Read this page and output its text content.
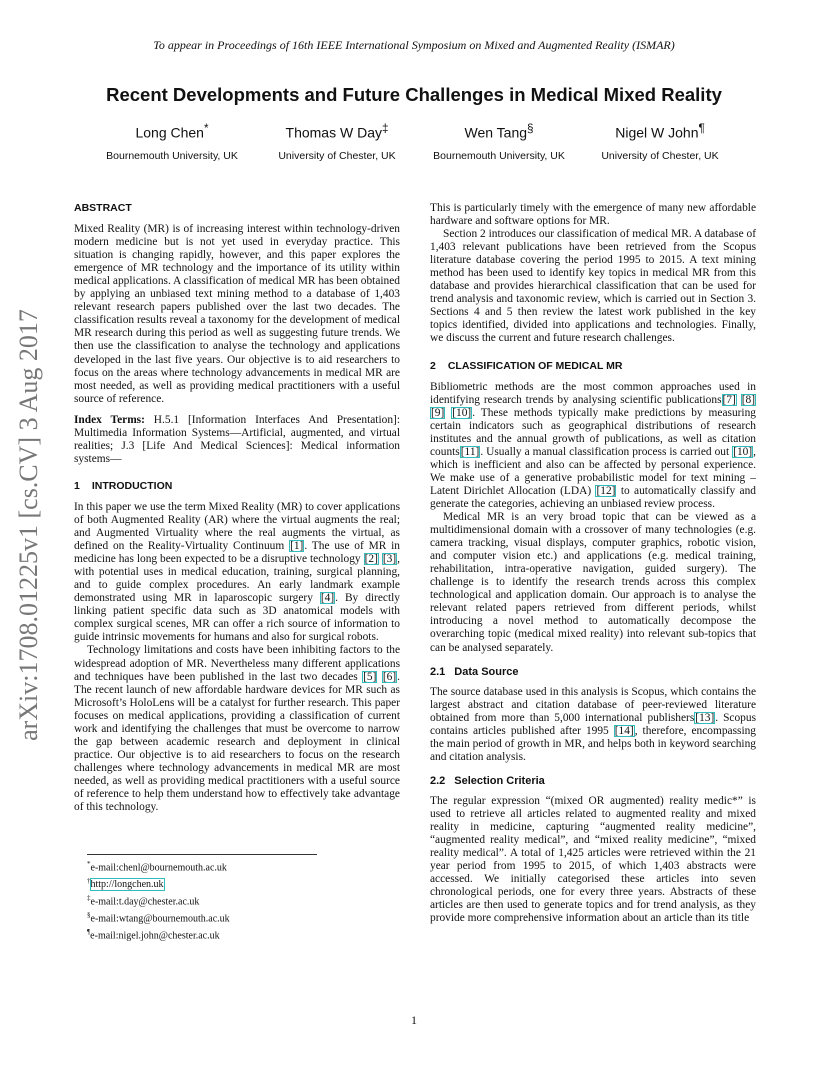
To appear in Proceedings of 16th IEEE International Symposium on Mixed and Augmented Reality (ISMAR)
Recent Developments and Future Challenges in Medical Mixed Reality
Long Chen*
Bournemouth University, UK
Thomas W Day‡
University of Chester, UK
Wen Tang§
Bournemouth University, UK
Nigel W John¶
University of Chester, UK
arXiv:1708.01225v1 [cs.CV] 3 Aug 2017
ABSTRACT

Mixed Reality (MR) is of increasing interest within technology-driven modern medicine but is not yet used in everyday practice. This situation is changing rapidly, however, and this paper explores the emergence of MR technology and the importance of its utility within medical applications. A classification of medical MR has been obtained by applying an unbiased text mining method to a database of 1,403 relevant research papers published over the last two decades. The classification results reveal a taxonomy for the development of medical MR research during this period as well as suggesting future trends. We then use the classification to analyse the technology and applications developed in the last five years. Our objective is to aid researchers to focus on the areas where technology advancements in medical MR are most needed, as well as providing medical practitioners with a useful source of reference.

Index Terms: H.5.1 [Information Interfaces And Presentation]: Multimedia Information Systems—Artificial, augmented, and virtual realities; J.3 [Life And Medical Sciences]: Medical information systems—

1 INTRODUCTION

In this paper we use the term Mixed Reality (MR) to cover applications of both Augmented Reality (AR) where the virtual augments the real; and Augmented Virtuality where the real augments the virtual, as defined on the Reality-Virtuality Continuum [1]. The use of MR in medicine has long been expected to be a disruptive technology [2] [3], with potential uses in medical education, training, surgical planning, and to guide complex procedures. An early landmark example demonstrated using MR in laparoscopic surgery [4]. By directly linking patient specific data such as 3D anatomical models with complex surgical scenes, MR can offer a rich source of information to guide intrinsic movements for humans and also for surgical robots.

Technology limitations and costs have been inhibiting factors to the widespread adoption of MR. Nevertheless many different applications and techniques have been published in the last two decades [5] [6]. The recent launch of new affordable hardware devices for MR such as Microsoft’s HoloLens will be a catalyst for further research. This paper focuses on medical applications, providing a classification of current work and identifying the challenges that must be overcome to narrow the gap between academic research and deployment in clinical practice. Our objective is to aid researchers to focus on the research challenges where technology advancements in medical MR are most needed, as well as providing medical practitioners with a useful source of reference to help them understand how to effectively take advantage of this technology.

*e-mail:chenl@bournemouth.ac.uk
†http://longchen.uk
‡e-mail:t.day@chester.ac.uk
§e-mail:wtang@bournemouth.ac.uk
¶e-mail:nigel.john@chester.ac.uk

This is particularly timely with the emergence of many new affordable hardware and software options for MR.

Section 2 introduces our classification of medical MR. A database of 1,403 relevant publications have been retrieved from the Scopus literature database covering the period 1995 to 2015. A text mining method has been used to identify key topics in medical MR from this database and provides hierarchical classification that can be used for trend analysis and taxonomic review, which is carried out in Section 3. Sections 4 and 5 then review the latest work published in the key topics identified, divided into applications and technologies. Finally, we discuss the current and future research challenges.

2 CLASSIFICATION OF MEDICAL MR

Bibliometric methods are the most common approaches used in identifying research trends by analysing scientific publications[7] [8] [9] [10]. These methods typically make predictions by measuring certain indicators such as geographical distributions of research institutes and the annual growth of publications, as well as citation counts[11]. Usually a manual classification process is carried out [10], which is inefficient and also can be affected by personal experience. We make use of a generative probabilistic model for text mining – Latent Dirichlet Allocation (LDA) [12] to automatically classify and generate the categories, achieving an unbiased review process.

Medical MR is an very broad topic that can be viewed as a multidimensional domain with a crossover of many technologies (e.g. camera tracking, visual displays, computer graphics, robotic vision, and computer vision etc.) and applications (e.g. medical training, rehabilitation, intra-operative navigation, guided surgery). The challenge is to identify the research trends across this complex technological and application domain. Our approach is to analyse the relevant related papers retrieved from different periods, whilst introducing a novel method to automatically decompose the overarching topic (medical mixed reality) into relevant sub-topics that can be analysed separately.

2.1 Data Source

The source database used in this analysis is Scopus, which contains the largest abstract and citation database of peer-reviewed literature obtained from more than 5,000 international publishers[13]. Scopus contains articles published after 1995 [14], therefore, encompassing the main period of growth in MR, and helps both in keyword searching and citation analysis.

2.2 Selection Criteria

The regular expression “(mixed OR augmented) reality medic*” is used to retrieve all articles related to augmented reality and mixed reality in medicine, capturing “augmented reality medicine”, “augmented reality medical”, and “mixed reality medicine”, “mixed reality medical”. A total of 1,425 articles were retrieved within the 21 year period from 1995 to 2015, of which 1,403 abstracts were accessed. We initially categorised these articles into seven chronological periods, one for every three years. Abstracts of these articles are then used to generate topics and for trend analysis, as they provide more comprehensive information about an article than its title

1
